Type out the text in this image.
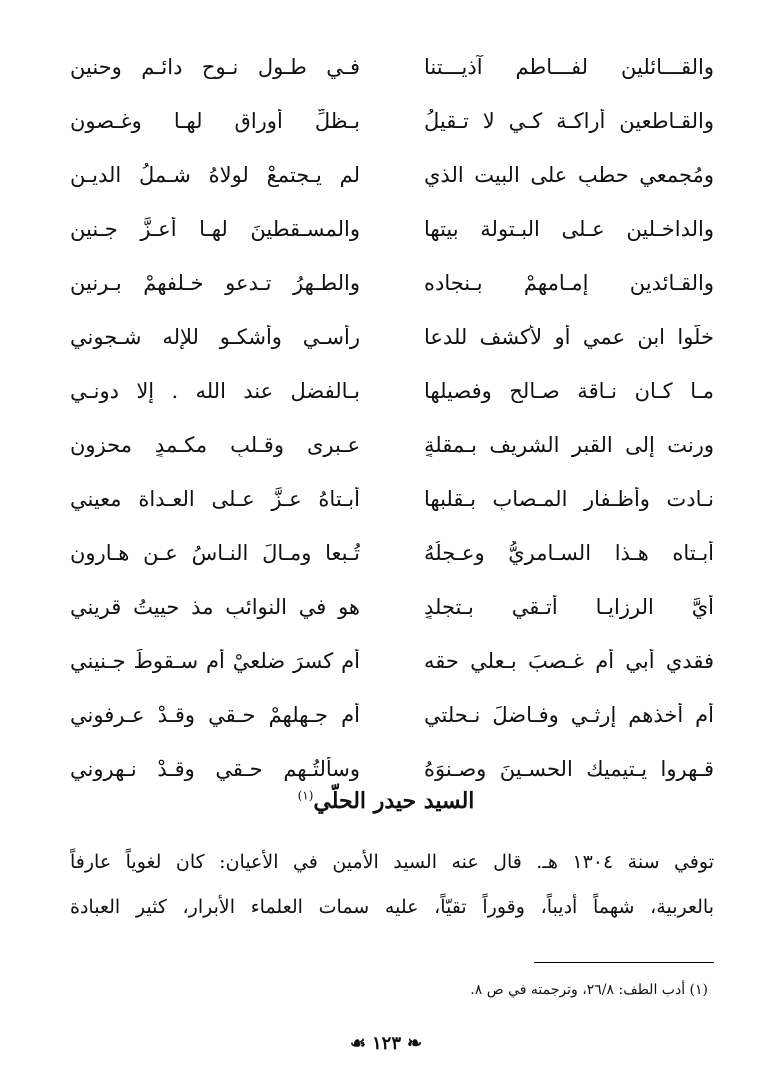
والقـــائلين لفـــاطم آذيـــتنا
فـي طـول نـوحٍ دائـمٍ وحنينِ
والقـاطعين أراكـة كـي لا تـقيلُ
بـظلِّ أوراقٍ لهـا وغـصونِ
ومُجمعي حطبٍ على البيت الذي
لم يـجتمعْ لولاهُ شـملُ الديـنِ
والداخـلين عـلى البـتولة بيتها
والمسـقطينَ لهـا أعـزَّ جـنينِ
والقـائدين إمـامهمْ بـنجاده
والطـهرُ تـدعو خـلفهمْ بـرنينِ
خلّوا ابن عمي أو لأكشف للدعا
رأسـي وأشكـو للإله شـجوني
مـا كـان نـاقة صـالحٍ وفصيلها
بـالفضلِ عند الله . إلا دونـي
ورنت إلى القبر الشريف بـمقلةٍ
عـبرى وقـلبٍ مكـمدٍ محزونِ
نـادت وأظـفار المـصابِ بـقلبها
أبـتاهُ عـزَّ عـلى العـداة معيني
أبـتاه هـذا السـامريُّ وعـجلُهُ
تُـبعا ومـالَ النـاسُ عـن هـارونِ
أيَّ الرزايـا أتـقي بـتجلدٍ
هو في النوائبِ مذ حييتُ قريني
فقدي أبي أم غـصبَ بـعلي حقه
أم كسرَ ضلعيْ أم سـقوطَ جـنيني
أم أخذهم إرثـي وفـاضلَ نـحلتي
أم جـهلهمْ حـقي وقـدْ عـرفوني
قـهروا يـتيميك الحسـينَ وصـنوَهُ
وسألتُـهم حـقي وقـدْ نـهروني
السيد حيدر الحلّي$^{(١)}$

توفي سنة ١٣٠٤ هـ. قال عنه السيد الأمين في الأعيان: كان لغوياً عارفاً

بالعربية، شهماً أديباً، وقوراً تقيّاً، عليه سمات العلماء الأبرار، كثير العبادة

(١) أدب الطف: ٢٦/٨، وترجمته في ص ٨.
❧١٢٣☙
